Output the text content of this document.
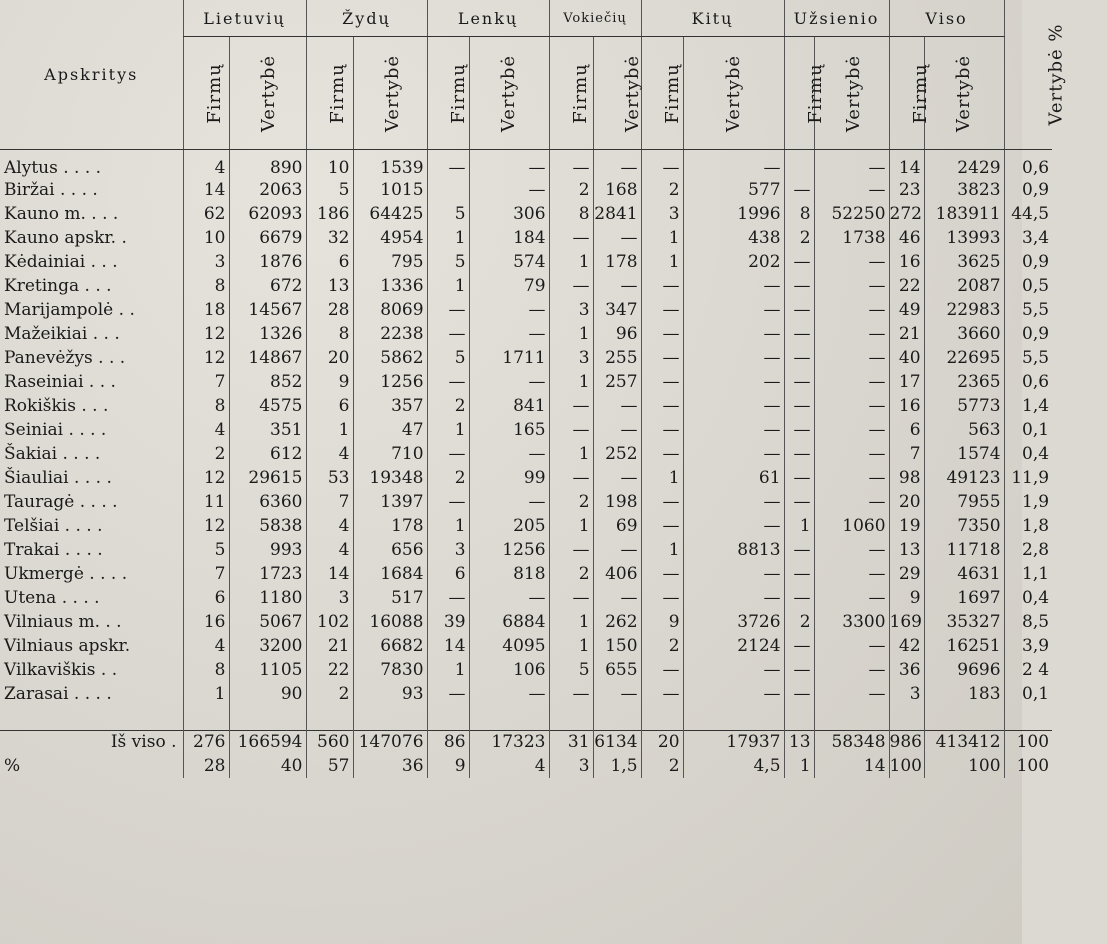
Apskritys	Lietuvių		Žydų		Lenkų		Vokiečių		Kitų		Užsienio		Viso		Vertybė %
	Firmų	Vertybė	Firmų	Vertybė	Firmų	Vertybė	Firmų	Vertybė	Firmų	Vertybė	Firmų	Vertybė	Firmų	Vertybė	
Alytus . . . .	4	890	10	1539	—	—	—	—	—	—		—	14	2429	0,6
Biržai . . . .	14	2063	5	1015		—	2	168	2	577	—	—	23	3823	0,9
Kauno m. . . .	62	62093	186	64425	5	306	8	2841	3	1996	8	52250	272	183911	44,5
Kauno apskr. .	10	6679	32	4954	1	184	—	—	1	438	2	1738	46	13993	3,4
Kėdainiai . . .	3	1876	6	795	5	574	1	178	1	202	—	—	16	3625	0,9
Kretinga . . .	8	672	13	1336	1	79	—	—	—	—	—	—	22	2087	0,5
Marijampolė . .	18	14567	28	8069	—	—	3	347	—	—	—	—	49	22983	5,5
Mažeikiai . . .	12	1326	8	2238	—	—	1	96	—	—	—	—	21	3660	0,9
Panevėžys . . .	12	14867	20	5862	5	1711	3	255	—	—	—	—	40	22695	5,5
Raseiniai . . .	7	852	9	1256	—	—	1	257	—	—	—	—	17	2365	0,6
Rokiškis . . .	8	4575	6	357	2	841	—	—	—	—	—	—	16	5773	1,4
Seiniai . . . .	4	351	1	47	1	165	—	—	—	—	—	—	6	563	0,1
Šakiai . . . .	2	612	4	710	—	—	1	252	—	—	—	—	7	1574	0,4
Šiauliai . . . .	12	29615	53	19348	2	99	—	—	1	61	—	—	98	49123	11,9
Tauragė . . . .	11	6360	7	1397	—	—	2	198	—	—	—	—	20	7955	1,9
Telšiai . . . .	12	5838	4	178	1	205	1	69	—	—	1	1060	19	7350	1,8
Trakai . . . .	5	993	4	656	3	1256	—	—	1	8813	—	—	13	11718	2,8
Ukmergė . . . .	7	1723	14	1684	6	818	2	406	—	—	—	—	29	4631	1,1
Utena . . . .	6	1180	3	517	—	—	—	—	—	—	—	—	9	1697	0,4
Vilniaus m. . .	16	5067	102	16088	39	6884	1	262	9	3726	2	3300	169	35327	8,5
Vilniaus apskr.	4	3200	21	6682	14	4095	1	150	2	2124	—	—	42	16251	3,9
Vilkaviškis . .	8	1105	22	7830	1	106	5	655	—	—	—	—	36	9696	2 4
Zarasai . . . .	1	90	2	93	—	—	—	—	—	—	—	—	3	183	0,1

Iš viso .	276	166594	560	147076	86	17323	31	6134	20	17937	13	58348	986	413412	100
%	28	40	57	36	9	4	3	1,5	2	4,5	1	14	100	100	100
